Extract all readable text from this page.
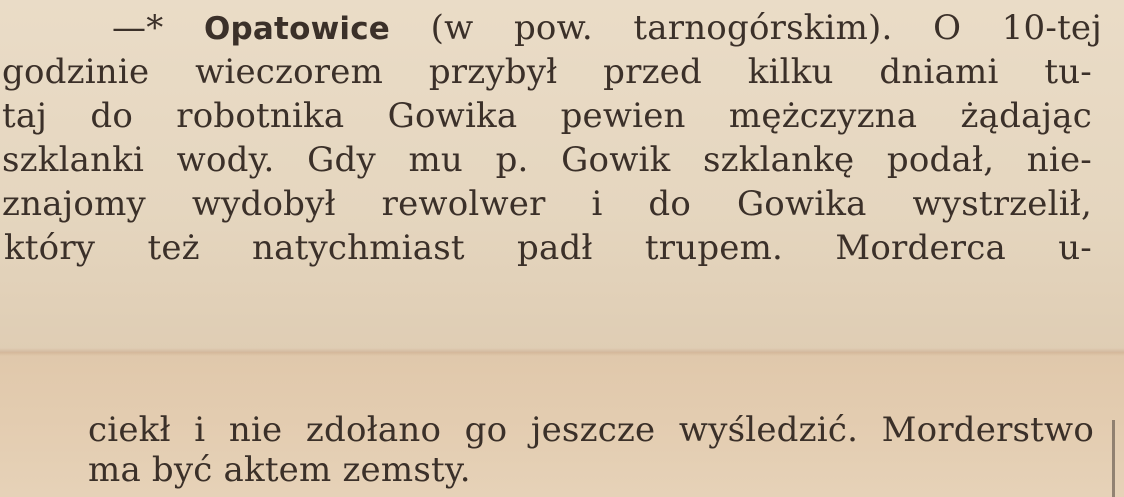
—* Opatowice (w pow. tarnogórskim). O 10-tej
godzinie wieczorem przybył przed kilku dniami tu-
taj do robotnika Gowika pewien mężczyzna żądając
szklanki wody. Gdy mu p. Gowik szklankę podał, nie-
znajomy wydobył rewolwer i do Gowika wystrzelił,
który też natychmiast padł trupem. Morderca u-
ciekł i nie zdołano go jeszcze wyśledzić. Morderstwo
ma być aktem zemsty.
